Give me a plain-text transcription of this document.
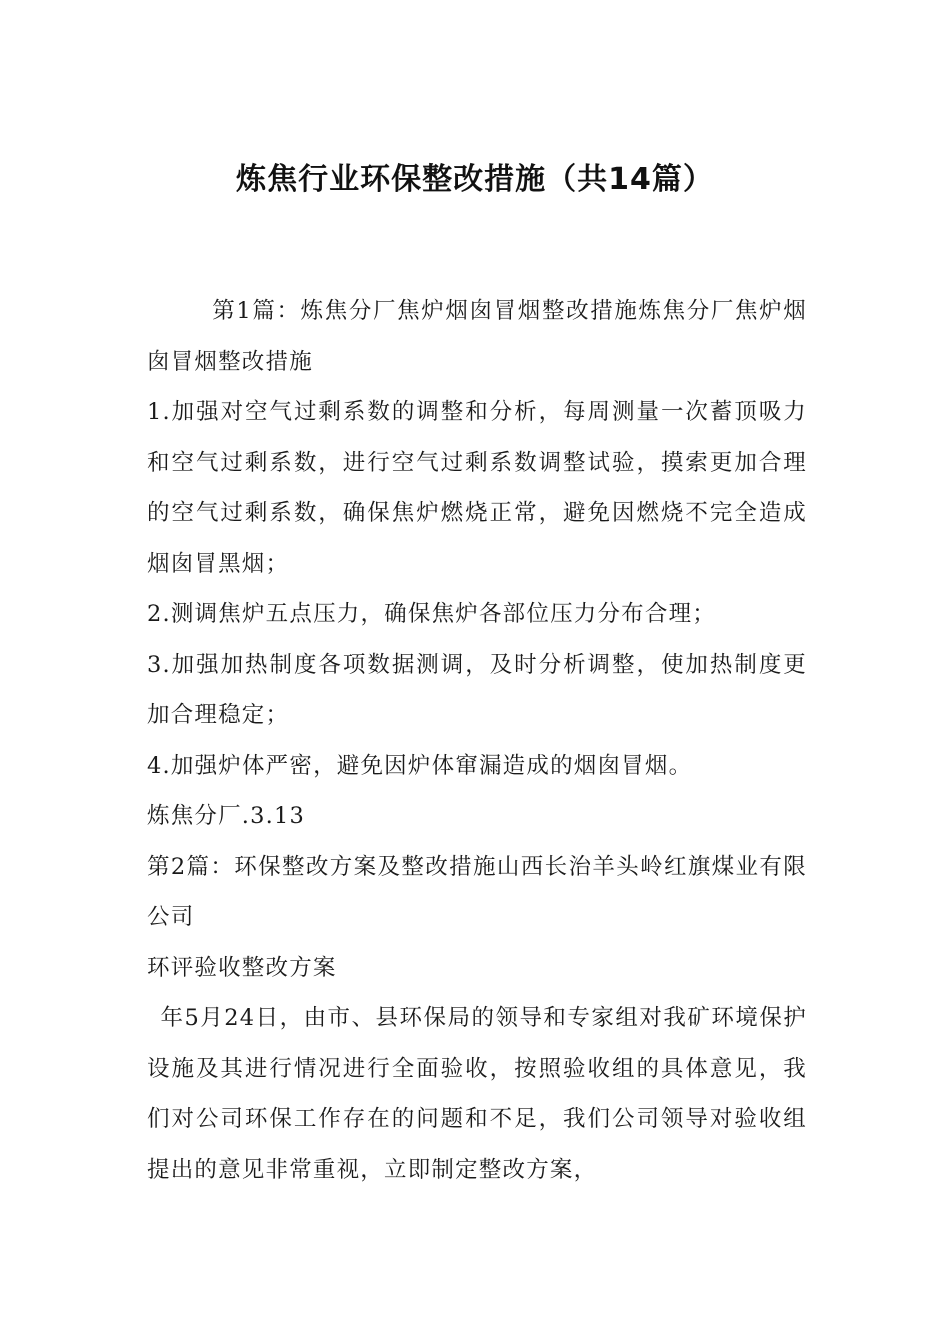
炼焦行业环保整改措施（共14篇）

第1篇：炼焦分厂焦炉烟囱冒烟整改措施炼焦分厂焦炉烟囱冒烟整改措施

1.加强对空气过剩系数的调整和分析，每周测量一次蓄顶吸力和空气过剩系数，进行空气过剩系数调整试验，摸索更加合理的空气过剩系数，确保焦炉燃烧正常，避免因燃烧不完全造成烟囱冒黑烟；

2.测调焦炉五点压力，确保焦炉各部位压力分布合理；

3.加强加热制度各项数据测调，及时分析调整，使加热制度更加合理稳定；

4.加强炉体严密，避免因炉体窜漏造成的烟囱冒烟。

炼焦分厂.3.13

第2篇：环保整改方案及整改措施山西长治羊头岭红旗煤业有限公司

环评验收整改方案

年5月24日，由市、县环保局的领导和专家组对我矿环境保护设施及其进行情况进行全面验收，按照验收组的具体意见，我们对公司环保工作存在的问题和不足，我们公司领导对验收组提出的意见非常重视，立即制定整改方案，
